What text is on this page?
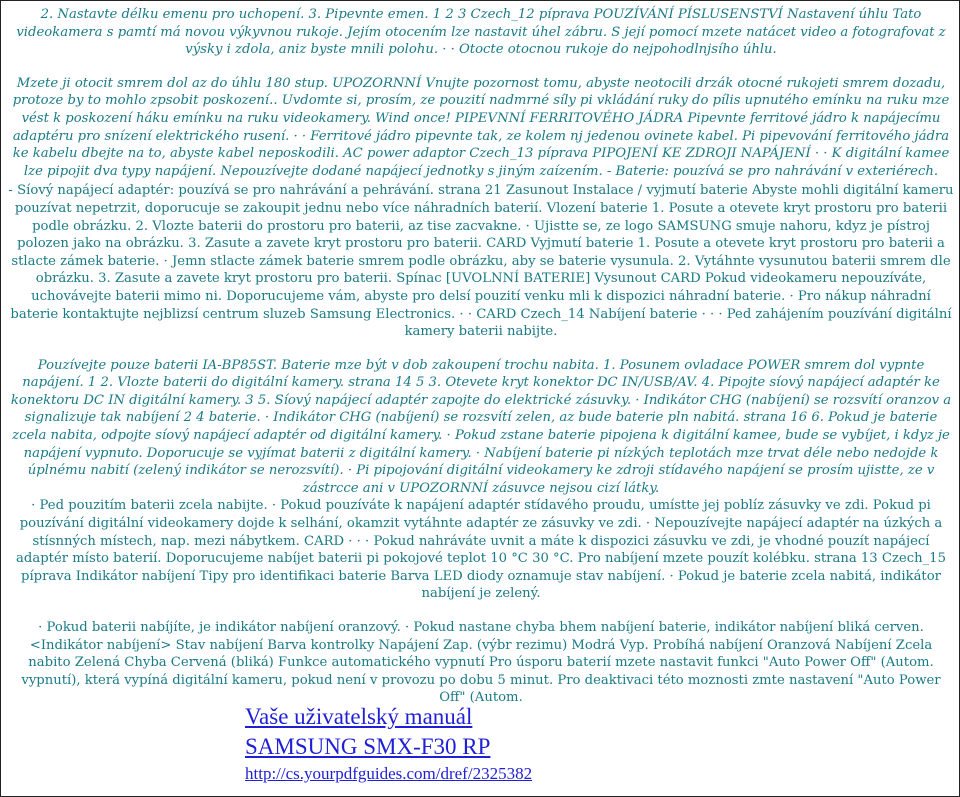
2. Nastavte délku emenu pro uchopení. 3. Pipevnte emen. 1 2 3 Czech_12 píprava POUZÍVÁNÍ PÍSLUSENSTVÍ Nastavení úhlu Tato videokamera s pamtí má novou výkyvnou rukoje. Jejím otocením lze nastavit úhel zábru. S její pomocí mzete natácet video a fotografovat z výsky i zdola, aniz byste mnili polohu. · · Otocte otocnou rukoje do nejpohodlnjsího úhlu.

Mzete ji otocit smrem dol az do úhlu 180 stup. UPOZORNNÍ Vnujte pozornost tomu, abyste neotocili drzák otocné rukojeti smrem dozadu, protoze by to mohlo zpsobit poskození.. Uvdomte si, prosím, ze pouzití nadmrné síly pi vkládání ruky do pílis upnutého emínku na ruku mze vést k poskození háku emínku na ruku videokamery. Wind once! PIPEVNNÍ FERRITOVÉHO JÁDRA Pipevnte ferritové jádro k napájecímu adaptéru pro snízení elektrického rusení. · · Ferritové jádro pipevnte tak, ze kolem nj jedenou ovinete kabel. Pi pipevování ferritového jádra ke kabelu dbejte na to, abyste kabel neposkodili. AC power adaptor Czech_13 píprava PIPOJENÍ KE ZDROJI NAPÁJENÍ · · K digitální kamee lze pipojit dva typy napájení. Nepouzívejte dodané napájecí jednotky s jiným zaízením. - Baterie: pouzívá se pro nahrávání v exteriérech.

- Síový napájecí adaptér: pouzívá se pro nahrávání a pehrávání. strana 21 Zasunout Instalace / vyjmutí baterie Abyste mohli digitální kameru pouzívat nepetrzit, doporucuje se zakoupit jednu nebo více náhradních baterií. Vlození baterie 1. Posute a otevete kryt prostoru pro baterii podle obrázku. 2. Vlozte baterii do prostoru pro baterii, az tise zacvakne. · Ujistte se, ze logo SAMSUNG smuje nahoru, kdyz je pístroj polozen jako na obrázku. 3. Zasute a zavete kryt prostoru pro baterii. CARD Vyjmutí baterie 1. Posute a otevete kryt prostoru pro baterii a stlacte zámek baterie. · Jemn stlacte zámek baterie smrem podle obrázku, aby se baterie vysunula. 2. Vytáhnte vysunutou baterii smrem dle obrázku. 3. Zasute a zavete kryt prostoru pro baterii. Spínac [UVOLNNÍ BATERIE] Vysunout CARD Pokud videokameru nepouzíváte, uchovávejte baterii mimo ni. Doporucujeme vám, abyste pro delsí pouzití venku mli k dispozici náhradní baterie. · Pro nákup náhradní baterie kontaktujte nejblizsí centrum sluzeb Samsung Electronics. · · CARD Czech_14 Nabíjení baterie · · · Ped zahájením pouzívání digitální kamery baterii nabijte.

Pouzívejte pouze baterii IA-BP85ST. Baterie mze být v dob zakoupení trochu nabita. 1. Posunem ovladace POWER smrem dol vypnte napájení. 1 2. Vlozte baterii do digitální kamery. strana 14 5 3. Otevete kryt konektor DC IN/USB/AV. 4. Pipojte síový napájecí adaptér ke konektoru DC IN digitální kamery. 3 5. Síový napájecí adaptér zapojte do elektrické zásuvky. · Indikátor CHG (nabíjení) se rozsvítí oranzov a signalizuje tak nabíjení 2 4 baterie. · Indikátor CHG (nabíjení) se rozsvítí zelen, az bude baterie pln nabitá. strana 16 6. Pokud je baterie zcela nabita, odpojte síový napájecí adaptér od digitální kamery. · Pokud zstane baterie pipojena k digitální kamee, bude se vybíjet, i kdyz je napájení vypnuto. Doporucuje se vyjímat baterii z digitální kamery. · Nabíjení baterie pi nízkých teplotách mze trvat déle nebo nedojde k úplnému nabití (zelený indikátor se nerozsvítí). · Pi pipojování digitální videokamery ke zdroji stídavého napájení se prosím ujistte, ze v zástrcce ani v UPOZORNNÍ zásuvce nejsou cizí látky.

· Ped pouzitím baterii zcela nabijte. · Pokud pouzíváte k napájení adaptér stídavého proudu, umístte jej poblíz zásuvky ve zdi. Pokud pi pouzívání digitální videokamery dojde k selhání, okamzit vytáhnte adaptér ze zásuvky ve zdi. · Nepouzívejte napájecí adaptér na úzkých a stísnných místech, nap. mezi nábytkem. CARD · · · Pokud nahráváte uvnit a máte k dispozici zásuvku ve zdi, je vhodné pouzít napájecí adaptér místo baterií. Doporucujeme nabíjet baterii pi pokojové teplot 10 °C 30 °C. Pro nabíjení mzete pouzít kolébku. strana 13 Czech_15 píprava Indikátor nabíjení Tipy pro identifikaci baterie Barva LED diody oznamuje stav nabíjení. · Pokud je baterie zcela nabitá, indikátor nabíjení je zelený.

· Pokud baterii nabíjíte, je indikátor nabíjení oranzový. · Pokud nastane chyba bhem nabíjení baterie, indikátor nabíjení bliká cerven. <Indikátor nabíjení> Stav nabíjení Barva kontrolky Napájení Zap. (výbr rezimu) Modrá Vyp. Probíhá nabíjení Oranzová Nabíjení Zcela nabito Zelená Chyba Cervená (bliká) Funkce automatického vypnutí Pro úsporu baterií mzete nastavit funkci "Auto Power Off" (Autom. vypnutí), která vypíná digitální kameru, pokud není v provozu po dobu 5 minut. Pro deaktivaci této moznosti zmte nastavení "Auto Power Off" (Autom.

Vaše uživatelský manuál
SAMSUNG SMX-F30 RP
http://cs.yourpdfguides.com/dref/2325382
